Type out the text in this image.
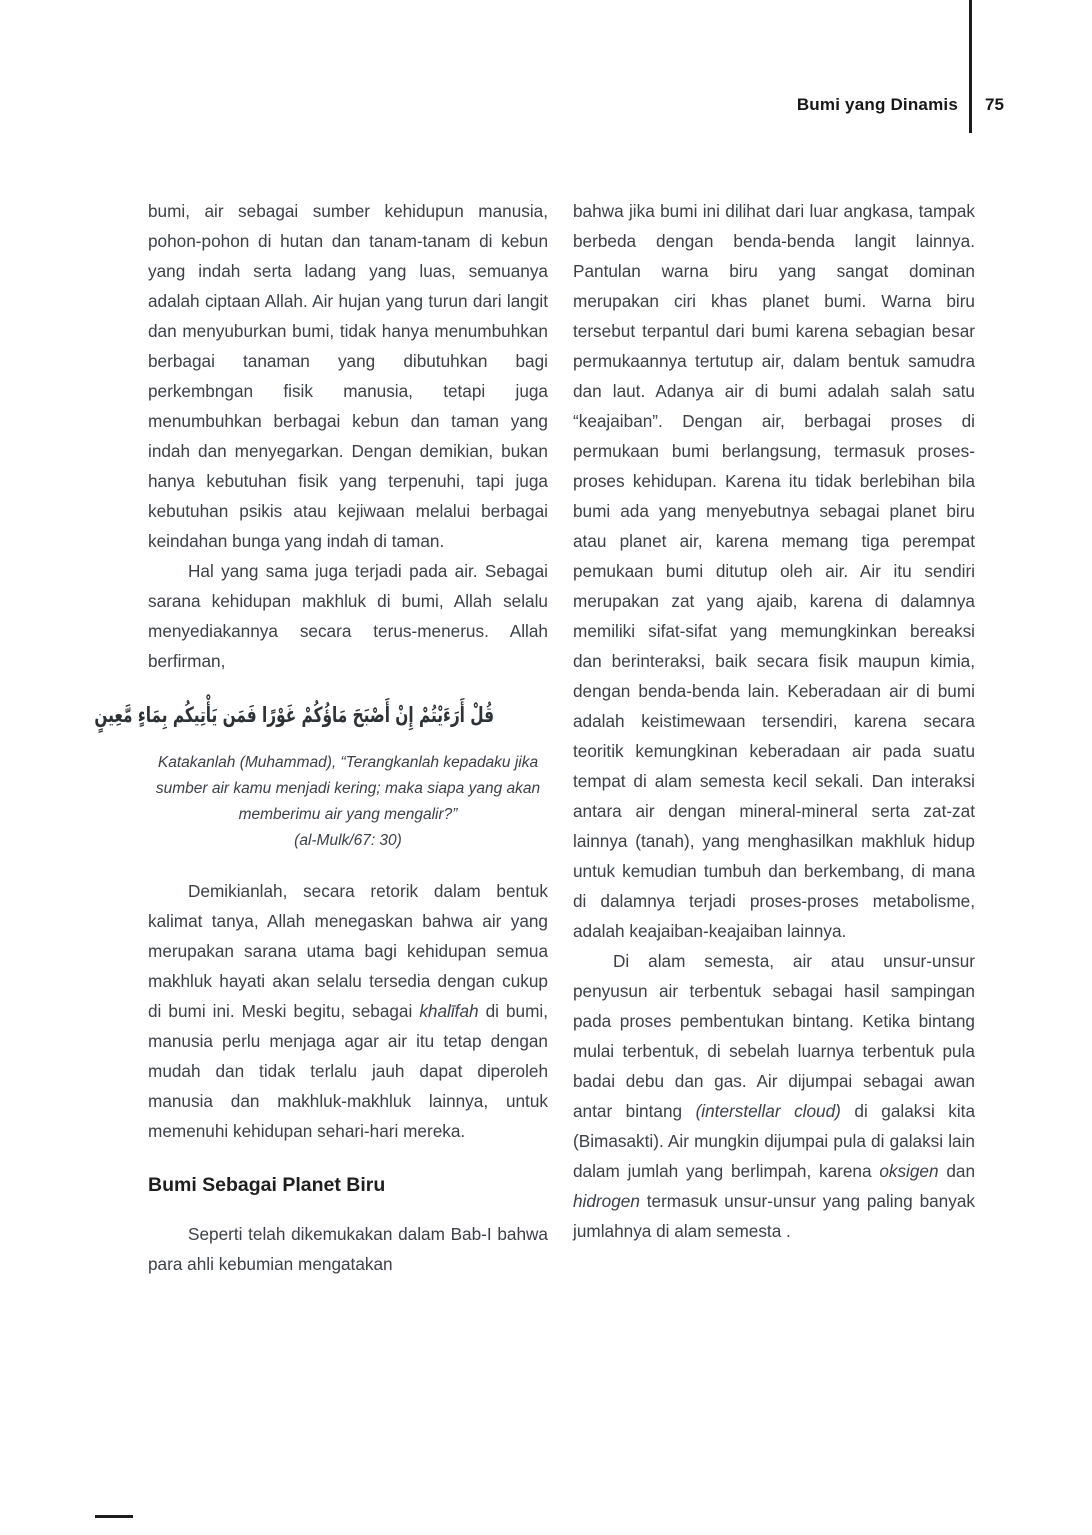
Bumi yang Dinamis 75

bumi, air sebagai sumber kehidupun manusia, pohon-pohon di hutan dan tanam-tanam di kebun yang indah serta ladang yang luas, semuanya adalah ciptaan Allah. Air hujan yang turun dari langit dan menyuburkan bumi, tidak hanya menumbuhkan berbagai tanaman yang dibutuhkan bagi perkembngan fisik manusia, tetapi juga menumbuhkan berbagai kebun dan taman yang indah dan menyegarkan. Dengan demikian, bukan hanya kebutuhan fisik yang terpenuhi, tapi juga kebutuhan psikis atau kejiwaan melalui berbagai keindahan bunga yang indah di taman.

Hal yang sama juga terjadi pada air. Sebagai sarana kehidupan makhluk di bumi, Allah selalu menyediakannya secara terus-menerus. Allah berfirman,

قُلْ أَرَءَيْتُمْ إِنْ أَصْبَحَ مَاؤُكُمْ غَوْرًا فَمَن يَأْتِيكُم بِمَاءٍ مَّعِينٍ
Katakanlah (Muhammad), “Terangkanlah kepadaku jika sumber air kamu menjadi kering; maka siapa yang akan memberimu air yang mengalir?”
(al-Mulk/67: 30)

Demikianlah, secara retorik dalam bentuk kalimat tanya, Allah menegaskan bahwa air yang merupakan sarana utama bagi kehidupan semua makhluk hayati akan selalu tersedia dengan cukup di bumi ini. Meski begitu, sebagai khalīfah di bumi, manusia perlu menjaga agar air itu tetap dengan mudah dan tidak terlalu jauh dapat diperoleh manusia dan makhluk-makhluk lainnya, untuk memenuhi kehidupan sehari-hari mereka.

Bumi Sebagai Planet Biru

Seperti telah dikemukakan dalam Bab-I bahwa para ahli kebumian mengatakan

bahwa jika bumi ini dilihat dari luar angkasa, tampak berbeda dengan benda-benda langit lainnya. Pantulan warna biru yang sangat dominan merupakan ciri khas planet bumi. Warna biru tersebut terpantul dari bumi karena sebagian besar permukaannya tertutup air, dalam bentuk samudra dan laut. Adanya air di bumi adalah salah satu “keajaiban”. Dengan air, berbagai proses di permukaan bumi berlangsung, termasuk proses-proses kehidupan. Karena itu tidak berlebihan bila bumi ada yang menyebutnya sebagai planet biru atau planet air, karena memang tiga perempat pemukaan bumi ditutup oleh air. Air itu sendiri merupakan zat yang ajaib, karena di dalamnya memiliki sifat-sifat yang memungkinkan bereaksi dan berinteraksi, baik secara fisik maupun kimia, dengan benda-benda lain. Keberadaan air di bumi adalah keistimewaan tersendiri, karena secara teoritik kemungkinan keberadaan air pada suatu tempat di alam semesta kecil sekali. Dan interaksi antara air dengan mineral-mineral serta zat-zat lainnya (tanah), yang menghasilkan makhluk hidup untuk kemudian tumbuh dan berkembang, di mana di dalamnya terjadi proses-proses metabolisme, adalah keajaiban-keajaiban lainnya.

Di alam semesta, air atau unsur-unsur penyusun air terbentuk sebagai hasil sampingan pada proses pembentukan bintang. Ketika bintang mulai terbentuk, di sebelah luarnya terbentuk pula badai debu dan gas. Air dijumpai sebagai awan antar bintang (interstellar cloud) di galaksi kita (Bimasakti). Air mungkin dijumpai pula di galaksi lain dalam jumlah yang berlimpah, karena oksigen dan hidrogen termasuk unsur-unsur yang paling banyak jumlahnya di alam semesta .
